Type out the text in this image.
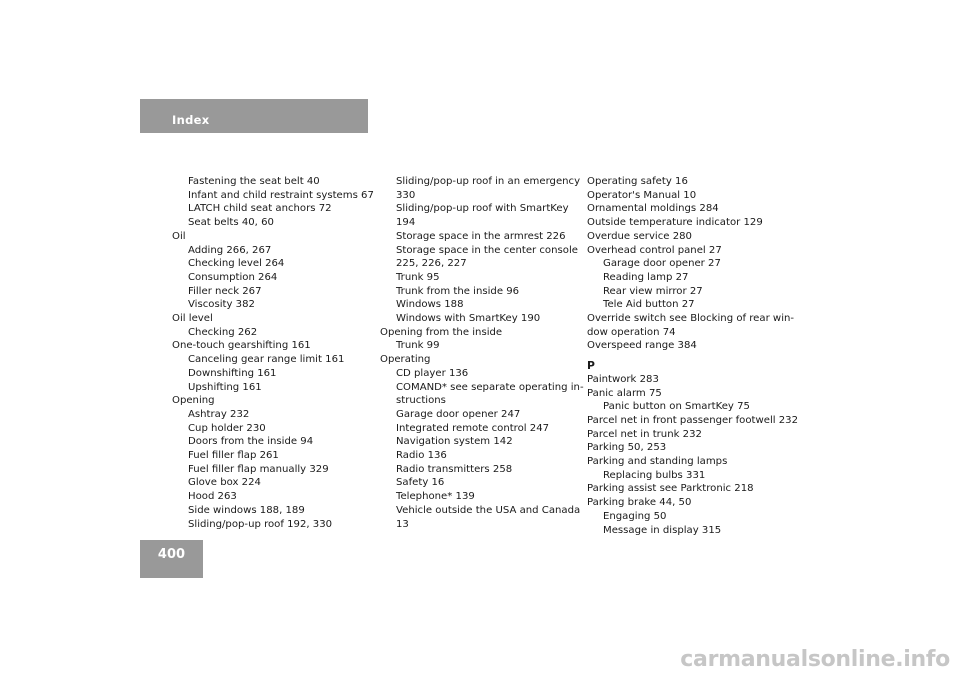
Index
Fastening the seat belt 40
Infant and child restraint systems 67
LATCH child seat anchors 72
Seat belts 40, 60
Oil
Adding 266, 267
Checking level 264
Consumption 264
Filler neck 267
Viscosity 382
Oil level
Checking 262
One-touch gearshifting 161
Canceling gear range limit 161
Downshifting 161
Upshifting 161
Opening
Ashtray 232
Cup holder 230
Doors from the inside 94
Fuel filler flap 261
Fuel filler flap manually 329
Glove box 224
Hood 263
Side windows 188, 189
Sliding/pop-up roof 192, 330
Sliding/pop-up roof in an emergency
330
Sliding/pop-up roof with SmartKey
194
Storage space in the armrest 226
Storage space in the center console
225, 226, 227
Trunk 95
Trunk from the inside 96
Windows 188
Windows with SmartKey 190
Opening from the inside
Trunk 99
Operating
CD player 136
COMAND* see separate operating in-
structions
Garage door opener 247
Integrated remote control 247
Navigation system 142
Radio 136
Radio transmitters 258
Safety 16
Telephone* 139
Vehicle outside the USA and Canada
13
Operating safety 16
Operator's Manual 10
Ornamental moldings 284
Outside temperature indicator 129
Overdue service 280
Overhead control panel 27
Garage door opener 27
Reading lamp 27
Rear view mirror 27
Tele Aid button 27
Override switch see Blocking of rear win-
dow operation 74
Overspeed range 384
P
Paintwork 283
Panic alarm 75
Panic button on SmartKey 75
Parcel net in front passenger footwell 232
Parcel net in trunk 232
Parking 50, 253
Parking and standing lamps
Replacing bulbs 331
Parking assist see Parktronic 218
Parking brake 44, 50
Engaging 50
Message in display 315
400
carmanualsonline.info
